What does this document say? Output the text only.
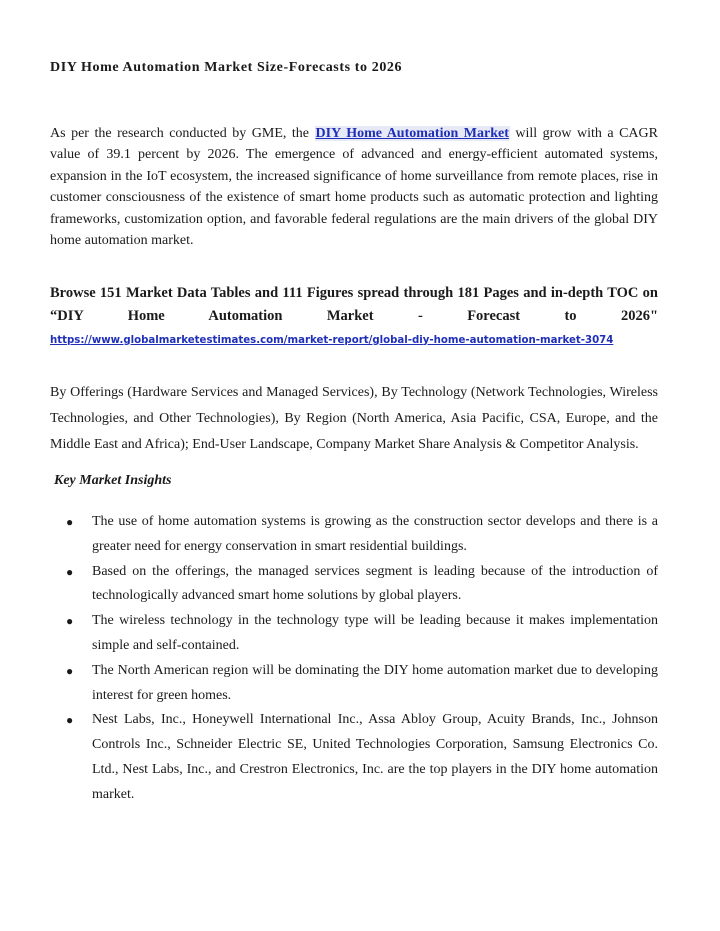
DIY Home Automation Market Size-Forecasts to 2026

As per the research conducted by GME, the DIY Home Automation Market will grow with a CAGR value of 39.1 percent by 2026. The emergence of advanced and energy-efficient automated systems, expansion in the IoT ecosystem, the increased significance of home surveillance from remote places, rise in customer consciousness of the existence of smart home products such as automatic protection and lighting frameworks, customization option, and favorable federal regulations are the main drivers of the global DIY home automation market.

Browse 151 Market Data Tables and 111 Figures spread through 181 Pages and in-depth TOC on “DIY Home Automation Market - Forecast to 2026" https://www.globalmarketestimates.com/market-report/global-diy-home-automation-market-3074

By Offerings (Hardware Services and Managed Services), By Technology (Network Technologies, Wireless Technologies, and Other Technologies), By Region (North America, Asia Pacific, CSA, Europe, and the Middle East and Africa); End-User Landscape, Company Market Share Analysis & Competitor Analysis.

Key Market Insights
● The use of home automation systems is growing as the construction sector develops and there is a greater need for energy conservation in smart residential buildings.
● Based on the offerings, the managed services segment is leading because of the introduction of technologically advanced smart home solutions by global players.
● The wireless technology in the technology type will be leading because it makes implementation simple and self-contained.
● The North American region will be dominating the DIY home automation market due to developing interest for green homes.
● Nest Labs, Inc., Honeywell International Inc., Assa Abloy Group, Acuity Brands, Inc., Johnson Controls Inc., Schneider Electric SE, United Technologies Corporation, Samsung Electronics Co. Ltd., Nest Labs, Inc., and Crestron Electronics, Inc. are the top players in the DIY home automation market.
